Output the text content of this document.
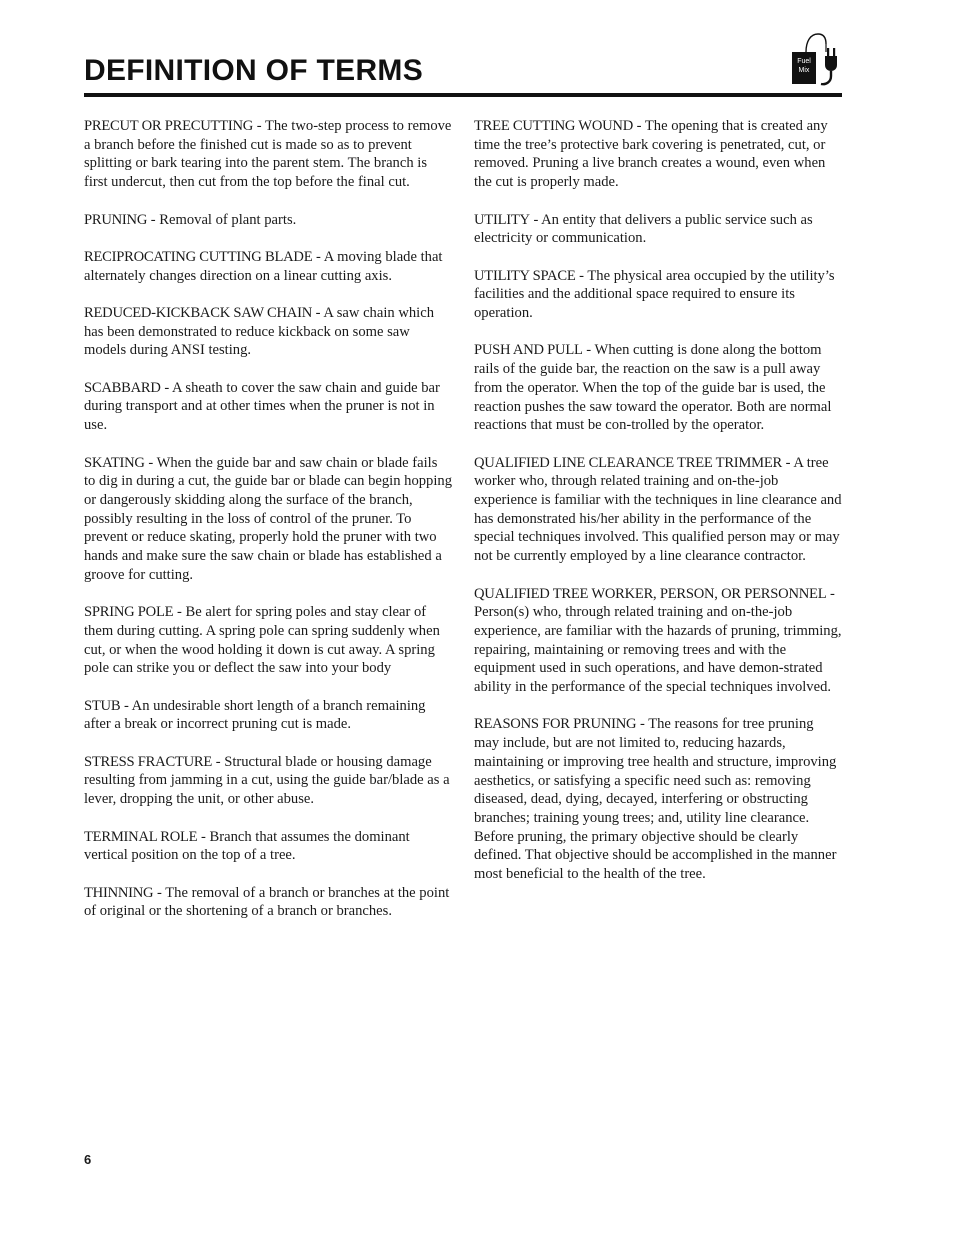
DEFINITION OF TERMS	Fuel
Mix

PRECUT OR PRECUTTING - The two-step process to remove a branch before the finished cut is made so as to prevent splitting or bark tearing into the parent stem. The branch is first undercut, then cut from the top before the final cut.

PRUNING - Removal of plant parts.

RECIPROCATING CUTTING BLADE - A moving blade that alternately changes direction on a linear cutting axis.

REDUCED-KICKBACK SAW CHAIN - A saw chain which has been demonstrated to reduce kickback on some saw models during ANSI testing.

SCABBARD - A sheath to cover the saw chain and guide bar during transport and at other times when the pruner is not in use.

SKATING - When the guide bar and saw chain or blade fails to dig in during a cut, the guide bar or blade can begin hopping or dangerously skidding along the surface of the branch, possibly resulting in the loss of control of the pruner. To prevent or reduce skating, properly hold the pruner with two hands and make sure the saw chain or blade has established a groove for cutting.

SPRING POLE - Be alert for spring poles and stay clear of them during cutting. A spring pole can spring suddenly when cut, or when the wood holding it down is cut away. A spring pole can strike you or deflect the saw into your body

STUB - An undesirable short length of a branch remaining after a break or incorrect pruning cut is made.

STRESS FRACTURE - Structural blade or housing damage resulting from jamming in a cut, using the guide bar/blade as a lever, dropping the unit, or other abuse.

TERMINAL ROLE - Branch that assumes the dominant vertical position on the top of a tree.

THINNING - The removal of a branch or branches at the point of original or the shortening of a branch or branches.

TREE CUTTING WOUND - The opening that is created any time the tree’s protective bark covering is penetrated, cut, or removed. Pruning a live branch creates a wound, even when the cut is properly made.

UTILITY - An entity that delivers a public service such as electricity or communication.

UTILITY SPACE - The physical area occupied by the utility’s facilities and the additional space required to ensure its operation.

PUSH AND PULL - When cutting is done along the bottom rails of the guide bar, the reaction on the saw is a pull away from the operator. When the top of the guide bar is used, the reaction pushes the saw toward the operator. Both are normal reactions that must be con-trolled by the operator.

QUALIFIED LINE CLEARANCE TREE TRIMMER - A tree worker who, through related training and on-the-job experience is familiar with the techniques in line clearance and has demonstrated his/her ability in the performance of the special techniques involved. This qualified person may or may not be currently employed by a line clearance contractor.

QUALIFIED TREE WORKER, PERSON, OR PERSONNEL - Person(s) who, through related training and on-the-job experience, are familiar with the hazards of pruning, trimming, repairing, maintaining or removing trees and with the equipment used in such operations, and have demon-strated ability in the performance of the special techniques involved.

REASONS FOR PRUNING - The reasons for tree pruning may include, but are not limited to, reducing hazards, maintaining or improving tree health and structure, improving aesthetics, or satisfying a specific need such as: removing diseased, dead, dying, decayed, interfering or obstructing branches; training young trees; and, utility line clearance. Before pruning, the primary objective should be clearly defined. That objective should be accomplished in the manner most beneficial to the health of the tree.

6
